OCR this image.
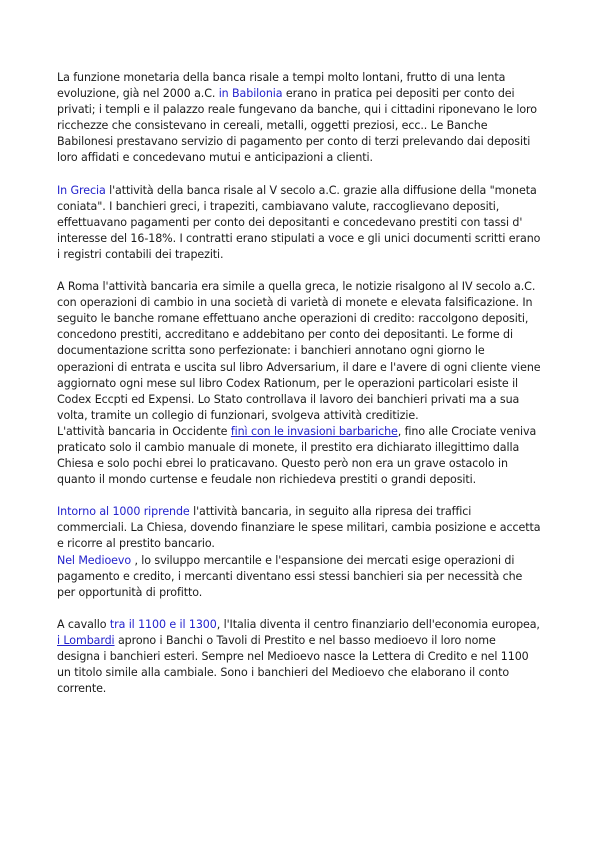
La funzione monetaria della banca risale a tempi molto lontani, frutto di una lenta evoluzione, già nel 2000 a.C. in Babilonia erano in pratica pei depositi per conto dei privati; i templi e il palazzo reale fungevano da banche, qui i cittadini riponevano le loro ricchezze che consistevano in cereali, metalli, oggetti preziosi, ecc.. Le Banche Babilonesi prestavano servizio di pagamento per conto di terzi prelevando dai depositi loro affidati e concedevano mutui e anticipazioni a clienti.

In Grecia l'attività della banca risale al V secolo a.C. grazie alla diffusione della "moneta coniata". I banchieri greci, i trapeziti, cambiavano valute, raccoglievano depositi, effettuavano pagamenti per conto dei depositanti e concedevano prestiti con tassi d' interesse del 16-18%. I contratti erano stipulati a voce e gli unici documenti scritti erano i registri contabili dei trapeziti.

A Roma l'attività bancaria era simile a quella greca, le notizie risalgono al IV secolo a.C. con operazioni di cambio in una società di varietà di monete e elevata falsificazione. In seguito le banche romane effettuano anche operazioni di credito: raccolgono depositi, concedono prestiti, accreditano e addebitano per conto dei depositanti. Le forme di documentazione scritta sono perfezionate: i banchieri annotano ogni giorno le operazioni di entrata e uscita sul libro Adversarium, il dare e l'avere di ogni cliente viene aggiornato ogni mese sul libro Codex Rationum, per le operazioni particolari esiste il Codex Eccpti ed Expensi. Lo Stato controllava il lavoro dei banchieri privati ma a sua volta, tramite un collegio di funzionari, svolgeva attività creditizie.

L'attività bancaria in Occidente finì con le invasioni barbariche, fino alle Crociate veniva praticato solo il cambio manuale di monete, il prestito era dichiarato illegittimo dalla Chiesa e solo pochi ebrei lo praticavano. Questo però non era un grave ostacolo in quanto il mondo curtense e feudale non richiedeva prestiti o grandi depositi.

Intorno al 1000 riprende l'attività bancaria, in seguito alla ripresa dei traffici commerciali. La Chiesa, dovendo finanziare le spese militari, cambia posizione e accetta e ricorre al prestito bancario.

Nel Medioevo , lo sviluppo mercantile e l'espansione dei mercati esige operazioni di pagamento e credito, i mercanti diventano essi stessi banchieri sia per necessità che per opportunità di profitto.

A cavallo tra il 1100 e il 1300, l'Italia diventa il centro finanziario dell'economia europea, i Lombardi aprono i Banchi o Tavoli di Prestito e nel basso medioevo il loro nome designa i banchieri esteri. Sempre nel Medioevo nasce la Lettera di Credito e nel 1100 un titolo simile alla cambiale. Sono i banchieri del Medioevo che elaborano il conto corrente.
